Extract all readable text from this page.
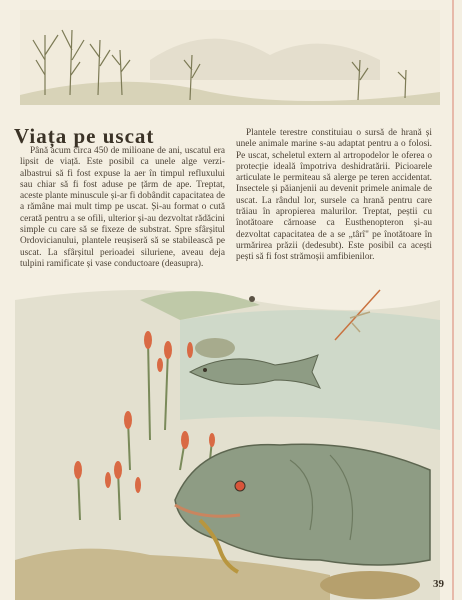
Viața pe uscat

Până acum circa 450 de milioane de ani, uscatul era lipsit de viață. Este posibil ca unele alge verzi-albastrui să fi fost expuse la aer în timpul refluxului sau chiar să fi fost aduse pe țărm de ape. Treptat, aceste plante minuscule și-ar fi dobândit capacitatea de a rămâne mai mult timp pe uscat. Și-au format o cută cerată pentru a se ofili, ulterior și-au dezvoltat rădăcini simple cu care să se fixeze de substrat. Spre sfârșitul Ordovicianului, plantele reușiseră să se stabilească pe uscat. La sfârșitul perioadei siluriene, aveau deja tulpini ramificate și vase conductoare (deasupra).

Plantele terestre constituiau o sursă de hrană și unele animale marine s-au adaptat pentru a o folosi. Pe uscat, scheletul extern al artropodelor le oferea o protecție ideală împotriva deshidratării. Picioarele articulate le permiteau să alerge pe teren accidentat. Insectele și păianjenii au devenit primele animale de uscat. La rândul lor, sursele ca hrană pentru care trăiau în apropierea malurilor. Treptat, peștii cu înotătoare cărnoase ca Eusthenopteron și-au dezvoltat capacitatea de a se „târî" pe înotătoare în urmărirea prăzii (dedesubt). Este posibil ca acești pești să fi fost strămoșii amfibienilor.

39
